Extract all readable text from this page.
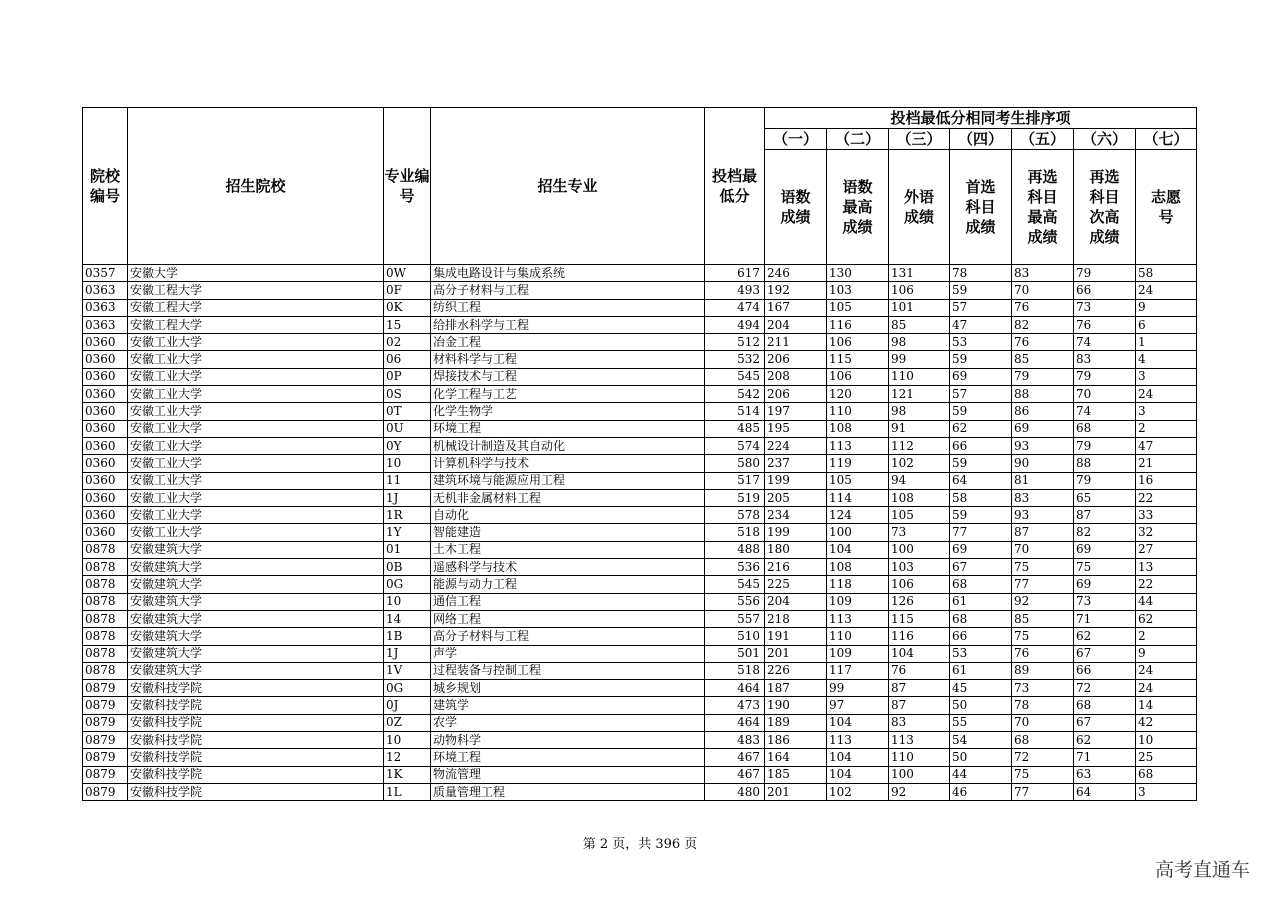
院校编号	招生院校	专业编号	招生专业	投档最低分	投档最低分相同考生排序项						
					（一）	（二）	（三）	（四）	（五）	（六）	（七）
					语数成绩	语数最高成绩	外语成绩	首选科目成绩	再选科目最高成绩	再选科目次高成绩	志愿号
0357	安徽大学	0W	集成电路设计与集成系统	617	246	130	131	78	83	79	58
0363	安徽工程大学	0F	高分子材料与工程	493	192	103	106	59	70	66	24
0363	安徽工程大学	0K	纺织工程	474	167	105	101	57	76	73	9
0363	安徽工程大学	15	给排水科学与工程	494	204	116	85	47	82	76	6
0360	安徽工业大学	02	冶金工程	512	211	106	98	53	76	74	1
0360	安徽工业大学	06	材料科学与工程	532	206	115	99	59	85	83	4
0360	安徽工业大学	0P	焊接技术与工程	545	208	106	110	69	79	79	3
0360	安徽工业大学	0S	化学工程与工艺	542	206	120	121	57	88	70	24
0360	安徽工业大学	0T	化学生物学	514	197	110	98	59	86	74	3
0360	安徽工业大学	0U	环境工程	485	195	108	91	62	69	68	2
0360	安徽工业大学	0Y	机械设计制造及其自动化	574	224	113	112	66	93	79	47
0360	安徽工业大学	10	计算机科学与技术	580	237	119	102	59	90	88	21
0360	安徽工业大学	11	建筑环境与能源应用工程	517	199	105	94	64	81	79	16
0360	安徽工业大学	1J	无机非金属材料工程	519	205	114	108	58	83	65	22
0360	安徽工业大学	1R	自动化	578	234	124	105	59	93	87	33
0360	安徽工业大学	1Y	智能建造	518	199	100	73	77	87	82	32
0878	安徽建筑大学	01	土木工程	488	180	104	100	69	70	69	27
0878	安徽建筑大学	0B	遥感科学与技术	536	216	108	103	67	75	75	13
0878	安徽建筑大学	0G	能源与动力工程	545	225	118	106	68	77	69	22
0878	安徽建筑大学	10	通信工程	556	204	109	126	61	92	73	44
0878	安徽建筑大学	14	网络工程	557	218	113	115	68	85	71	62
0878	安徽建筑大学	1B	高分子材料与工程	510	191	110	116	66	75	62	2
0878	安徽建筑大学	1J	声学	501	201	109	104	53	76	67	9
0878	安徽建筑大学	1V	过程装备与控制工程	518	226	117	76	61	89	66	24
0879	安徽科技学院	0G	城乡规划	464	187	99	87	45	73	72	24
0879	安徽科技学院	0J	建筑学	473	190	97	87	50	78	68	14
0879	安徽科技学院	0Z	农学	464	189	104	83	55	70	67	42
0879	安徽科技学院	10	动物科学	483	186	113	113	54	68	62	10
0879	安徽科技学院	12	环境工程	467	164	104	110	50	72	71	25
0879	安徽科技学院	1K	物流管理	467	185	104	100	44	75	63	68
0879	安徽科技学院	1L	质量管理工程	480	201	102	92	46	77	64	3
第 2 页，共 396 页
高考直通车
